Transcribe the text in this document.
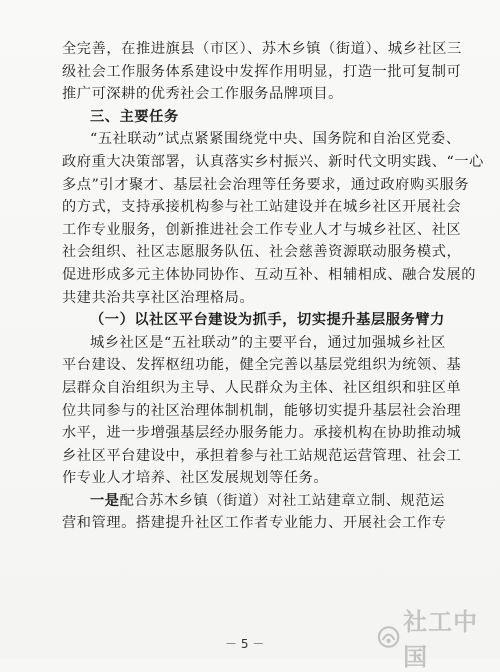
全完善，在推进旗县（市区）、苏木乡镇（街道）、城乡社区三
级社会工作服务体系建设中发挥作用明显，打造一批可复制可
推广可深耕的优秀社会工作服务品牌项目。
三、主要任务
“五社联动”试点紧紧围绕党中央、国务院和自治区党委、
政府重大决策部署，认真落实乡村振兴、新时代文明实践、“一心
多点”引才聚才、基层社会治理等任务要求，通过政府购买服务
的方式，支持承接机构参与社工站建设并在城乡社区开展社会
工作专业服务，创新推进社会工作专业人才与城乡社区、社区
社会组织、社区志愿服务队伍、社会慈善资源联动服务模式，
促进形成多元主体协同协作、互动互补、相辅相成、融合发展的
共建共治共享社区治理格局。
（一）以社区平台建设为抓手，切实提升基层服务臂力
城乡社区是“五社联动”的主要平台，通过加强城乡社区
平台建设、发挥枢纽功能，健全完善以基层党组织为统领、基
层群众自治组织为主导、人民群众为主体、社区组织和驻区单
位共同参与的社区治理体制机制，能够切实提升基层社会治理
水平，进一步增强基层经办服务能力。承接机构在协助推动城
乡社区平台建设中，承担着参与社工站规范运营管理、社会工
作专业人才培养、社区发展规划等任务。
一是配合苏木乡镇（街道）对社工站建章立制、规范运
营和管理。搭建提升社区工作者专业能力、开展社会工作专
－ 5 －
社工中国
